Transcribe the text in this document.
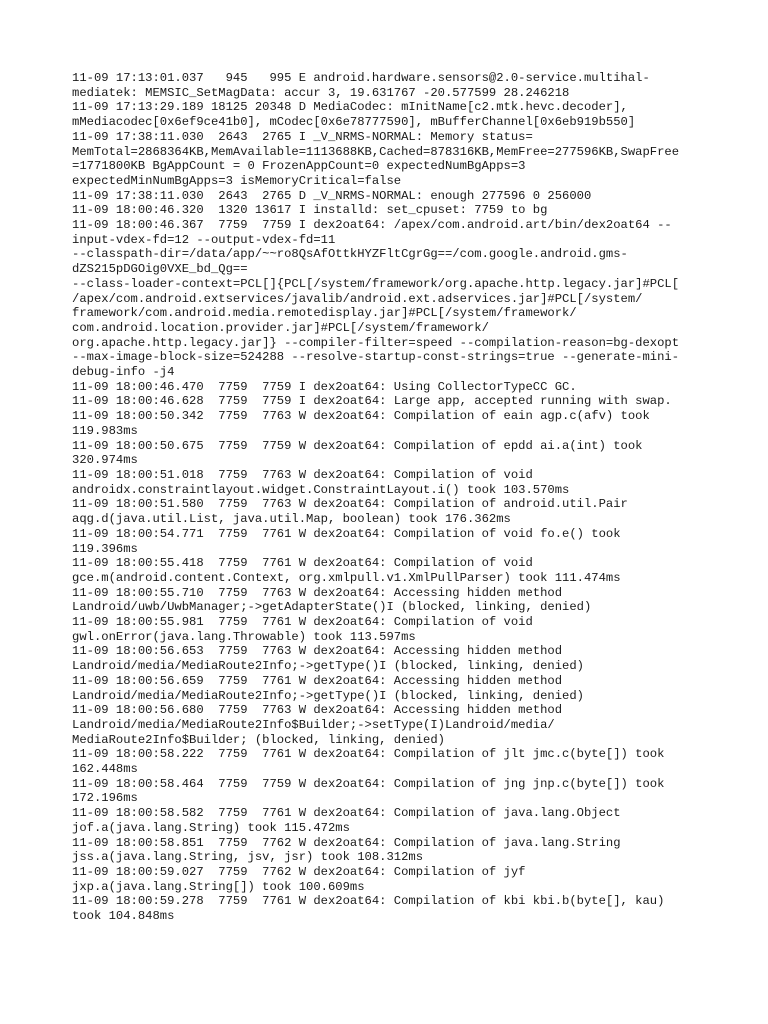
11-09 17:13:01.037   945   995 E android.hardware.sensors@2.0-service.multihal-
mediatek: MEMSIC_SetMagData: accur 3, 19.631767 -20.577599 28.246218
11-09 17:13:29.189 18125 20348 D MediaCodec: mInitName[c2.mtk.hevc.decoder],
mMediacodec[0x6ef9ce41b0], mCodec[0x6e78777590], mBufferChannel[0x6eb919b550]
11-09 17:38:11.030  2643  2765 I _V_NRMS-NORMAL: Memory status=
MemTotal=2868364KB,MemAvailable=1113688KB,Cached=878316KB,MemFree=277596KB,SwapFree
=1771800KB BgAppCount = 0 FrozenAppCount=0 expectedNumBgApps=3
expectedMinNumBgApps=3 isMemoryCritical=false
11-09 17:38:11.030  2643  2765 D _V_NRMS-NORMAL: enough 277596 0 256000
11-09 18:00:46.320  1320 13617 I installd: set_cpuset: 7759 to bg
11-09 18:00:46.367  7759  7759 I dex2oat64: /apex/com.android.art/bin/dex2oat64 --
input-vdex-fd=12 --output-vdex-fd=11
--classpath-dir=/data/app/~~ro8QsAfOttkHYZFltCgrGg==/com.google.android.gms-
dZS215pDGOig0VXE_bd_Qg==
--class-loader-context=PCL[]{PCL[/system/framework/org.apache.http.legacy.jar]#PCL[
/apex/com.android.extservices/javalib/android.ext.adservices.jar]#PCL[/system/
framework/com.android.media.remotedisplay.jar]#PCL[/system/framework/
com.android.location.provider.jar]#PCL[/system/framework/
org.apache.http.legacy.jar]} --compiler-filter=speed --compilation-reason=bg-dexopt
--max-image-block-size=524288 --resolve-startup-const-strings=true --generate-mini-
debug-info -j4
11-09 18:00:46.470  7759  7759 I dex2oat64: Using CollectorTypeCC GC.
11-09 18:00:46.628  7759  7759 I dex2oat64: Large app, accepted running with swap.
11-09 18:00:50.342  7759  7763 W dex2oat64: Compilation of eain agp.c(afv) took
119.983ms
11-09 18:00:50.675  7759  7759 W dex2oat64: Compilation of epdd ai.a(int) took
320.974ms
11-09 18:00:51.018  7759  7763 W dex2oat64: Compilation of void
androidx.constraintlayout.widget.ConstraintLayout.i() took 103.570ms
11-09 18:00:51.580  7759  7763 W dex2oat64: Compilation of android.util.Pair
aqg.d(java.util.List, java.util.Map, boolean) took 176.362ms
11-09 18:00:54.771  7759  7761 W dex2oat64: Compilation of void fo.e() took
119.396ms
11-09 18:00:55.418  7759  7761 W dex2oat64: Compilation of void
gce.m(android.content.Context, org.xmlpull.v1.XmlPullParser) took 111.474ms
11-09 18:00:55.710  7759  7763 W dex2oat64: Accessing hidden method
Landroid/uwb/UwbManager;->getAdapterState()I (blocked, linking, denied)
11-09 18:00:55.981  7759  7761 W dex2oat64: Compilation of void
gwl.onError(java.lang.Throwable) took 113.597ms
11-09 18:00:56.653  7759  7763 W dex2oat64: Accessing hidden method
Landroid/media/MediaRoute2Info;->getType()I (blocked, linking, denied)
11-09 18:00:56.659  7759  7761 W dex2oat64: Accessing hidden method
Landroid/media/MediaRoute2Info;->getType()I (blocked, linking, denied)
11-09 18:00:56.680  7759  7763 W dex2oat64: Accessing hidden method
Landroid/media/MediaRoute2Info$Builder;->setType(I)Landroid/media/
MediaRoute2Info$Builder; (blocked, linking, denied)
11-09 18:00:58.222  7759  7761 W dex2oat64: Compilation of jlt jmc.c(byte[]) took
162.448ms
11-09 18:00:58.464  7759  7759 W dex2oat64: Compilation of jng jnp.c(byte[]) took
172.196ms
11-09 18:00:58.582  7759  7761 W dex2oat64: Compilation of java.lang.Object
jof.a(java.lang.String) took 115.472ms
11-09 18:00:58.851  7759  7762 W dex2oat64: Compilation of java.lang.String
jss.a(java.lang.String, jsv, jsr) took 108.312ms
11-09 18:00:59.027  7759  7762 W dex2oat64: Compilation of jyf
jxp.a(java.lang.String[]) took 100.609ms
11-09 18:00:59.278  7759  7761 W dex2oat64: Compilation of kbi kbi.b(byte[], kau)
took 104.848ms
